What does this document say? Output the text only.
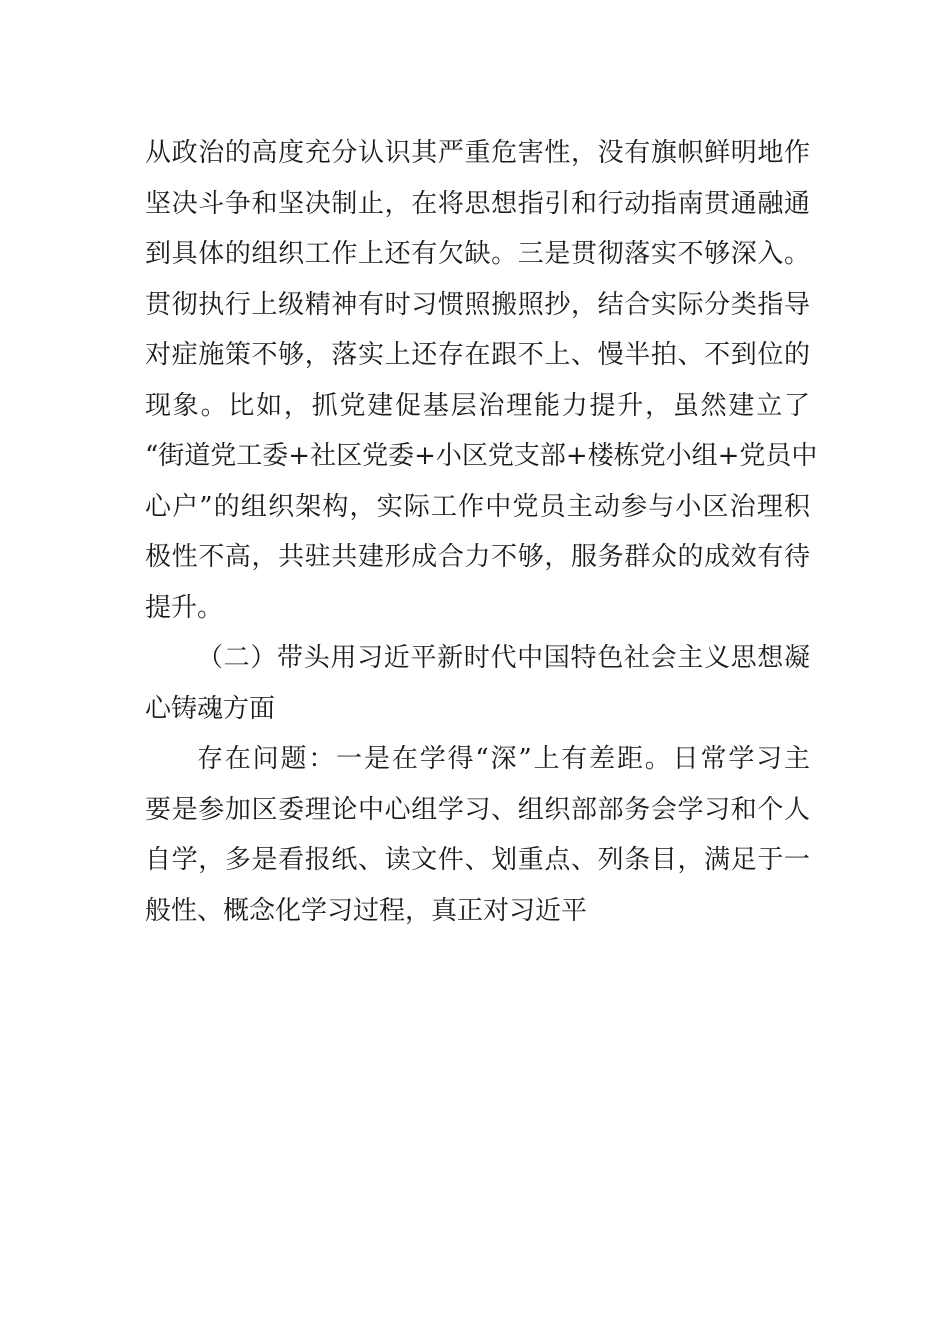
从政治的高度充分认识其严重危害性，没有旗帜鲜明地作
坚决斗争和坚决制止，在将思想指引和行动指南贯通融通
到具体的组织工作上还有欠缺。三是贯彻落实不够深入。
贯彻执行上级精神有时习惯照搬照抄，结合实际分类指导
对症施策不够，落实上还存在跟不上、慢半拍、不到位的
现象。比如，抓党建促基层治理能力提升，虽然建立了
“街道党工委+社区党委+小区党支部+楼栋党小组+党员中
心户”的组织架构，实际工作中党员主动参与小区治理积
极性不高，共驻共建形成合力不够，服务群众的成效有待
提升。
（二）带头用习近平新时代中国特色社会主义思想凝
心铸魂方面
存在问题：一是在学得“深”上有差距。日常学习主
要是参加区委理论中心组学习、组织部部务会学习和个人
自学，多是看报纸、读文件、划重点、列条目，满足于一
般性、概念化学习过程，真正对习近平
